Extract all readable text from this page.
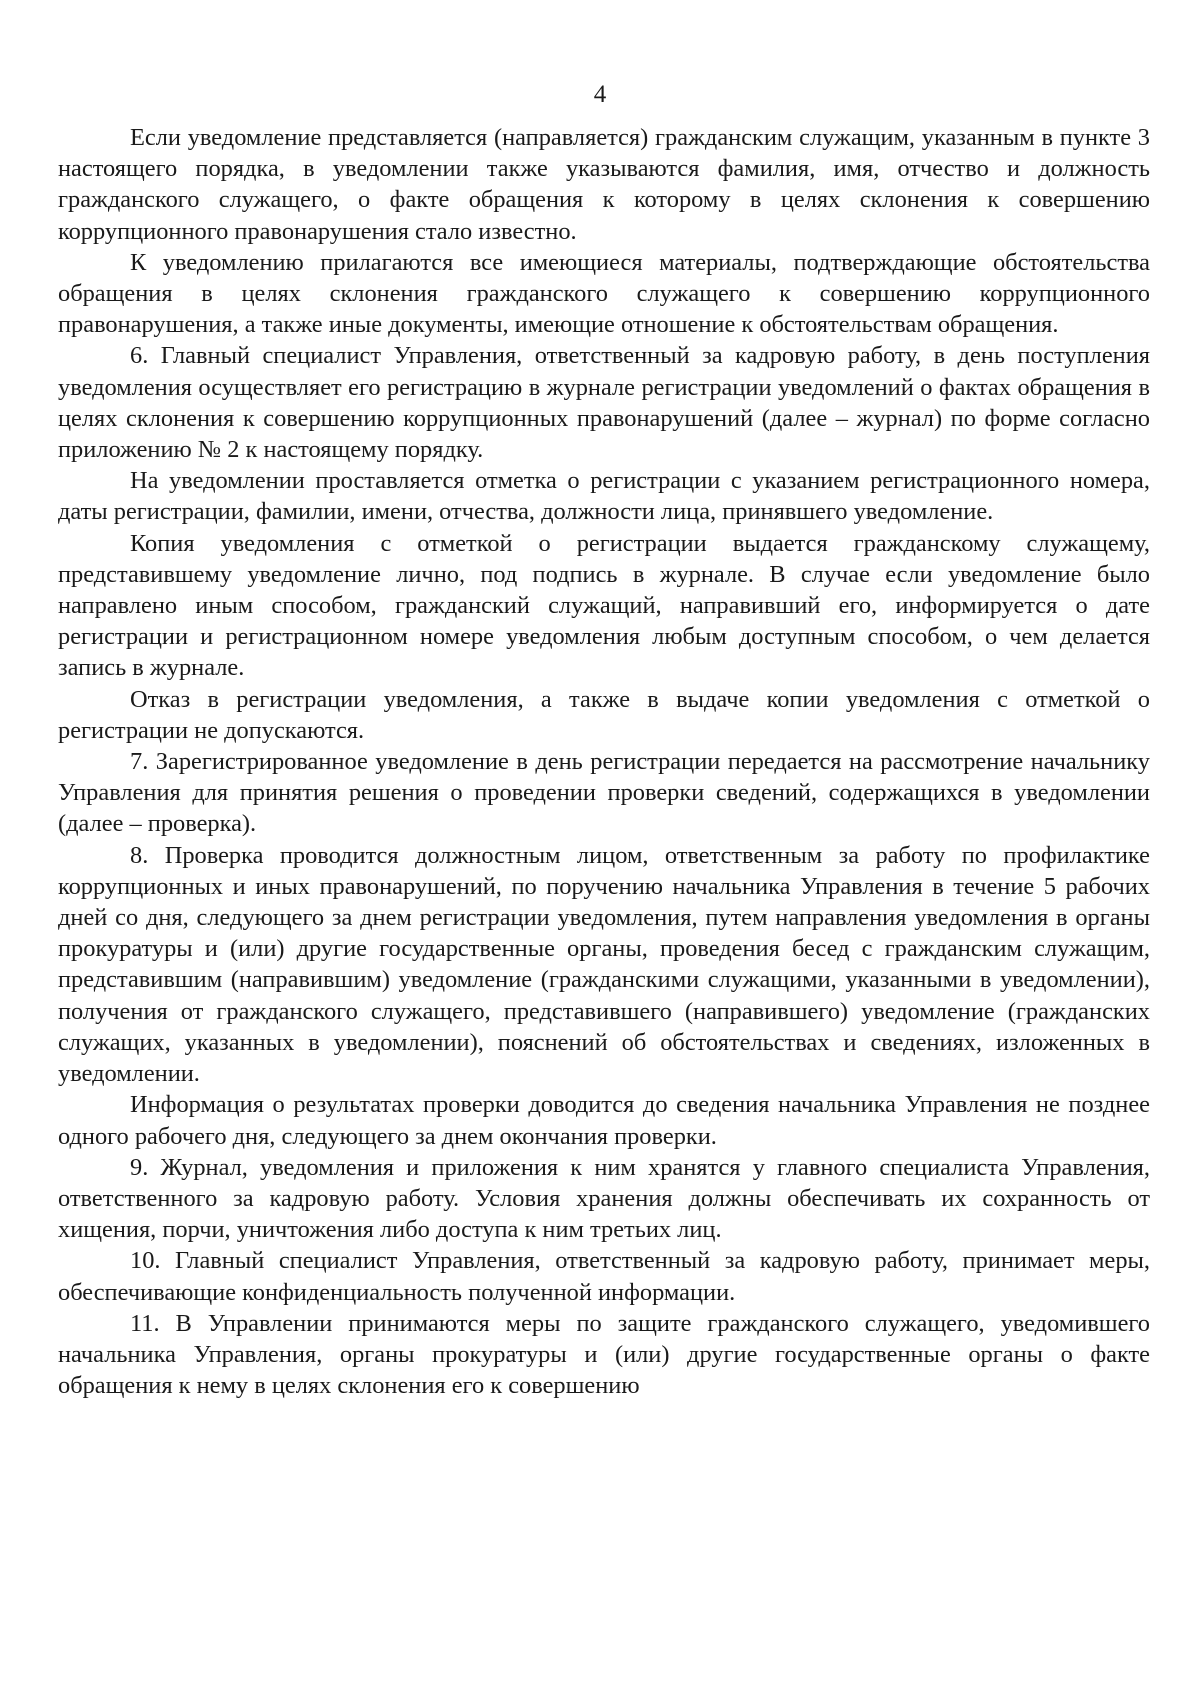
4

Если уведомление представляется (направляется) гражданским служащим, указанным в пункте 3 настоящего порядка, в уведомлении также указываются фамилия, имя, отчество и должность гражданского служащего, о факте обращения к которому в целях склонения к совершению коррупционного правонарушения стало известно.

К уведомлению прилагаются все имеющиеся материалы, подтверждающие обстоятельства обращения в целях склонения гражданского служащего к совершению коррупционного правонарушения, а также иные документы, имеющие отношение к обстоятельствам обращения.

6. Главный специалист Управления, ответственный за кадровую работу, в день поступления уведомления осуществляет его регистрацию в журнале регистрации уведомлений о фактах обращения в целях склонения к совершению коррупционных правонарушений (далее – журнал) по форме согласно приложению № 2 к настоящему порядку.

На уведомлении проставляется отметка о регистрации с указанием регистрационного номера, даты регистрации, фамилии, имени, отчества, должности лица, принявшего уведомление.

Копия уведомления с отметкой о регистрации выдается гражданскому служащему, представившему уведомление лично, под подпись в журнале. В случае если уведомление было направлено иным способом, гражданский служащий, направивший его, информируется о дате регистрации и регистрационном номере уведомления любым доступным способом, о чем делается запись в журнале.

Отказ в регистрации уведомления, а также в выдаче копии уведомления с отметкой о регистрации не допускаются.

7. Зарегистрированное уведомление в день регистрации передается на рассмотрение начальнику Управления для принятия решения о проведении проверки сведений, содержащихся в уведомлении (далее – проверка).

8. Проверка проводится должностным лицом, ответственным за работу по профилактике коррупционных и иных правонарушений, по поручению начальника Управления в течение 5 рабочих дней со дня, следующего за днем регистрации уведомления, путем направления уведомления в органы прокуратуры и (или) другие государственные органы, проведения бесед с гражданским служащим, представившим (направившим) уведомление (гражданскими служащими, указанными в уведомлении), получения от гражданского служащего, представившего (направившего) уведомление (гражданских служащих, указанных в уведомлении), пояснений об обстоятельствах и сведениях, изложенных в уведомлении.

Информация о результатах проверки доводится до сведения начальника Управления не позднее одного рабочего дня, следующего за днем окончания проверки.

9. Журнал, уведомления и приложения к ним хранятся у главного специалиста Управления, ответственного за кадровую работу. Условия хранения должны обеспечивать их сохранность от хищения, порчи, уничтожения либо доступа к ним третьих лиц.

10. Главный специалист Управления, ответственный за кадровую работу, принимает меры, обеспечивающие конфиденциальность полученной информации.

11. В Управлении принимаются меры по защите гражданского служащего, уведомившего начальника Управления, органы прокуратуры и (или) другие государственные органы о факте обращения к нему в целях склонения его к совершению
